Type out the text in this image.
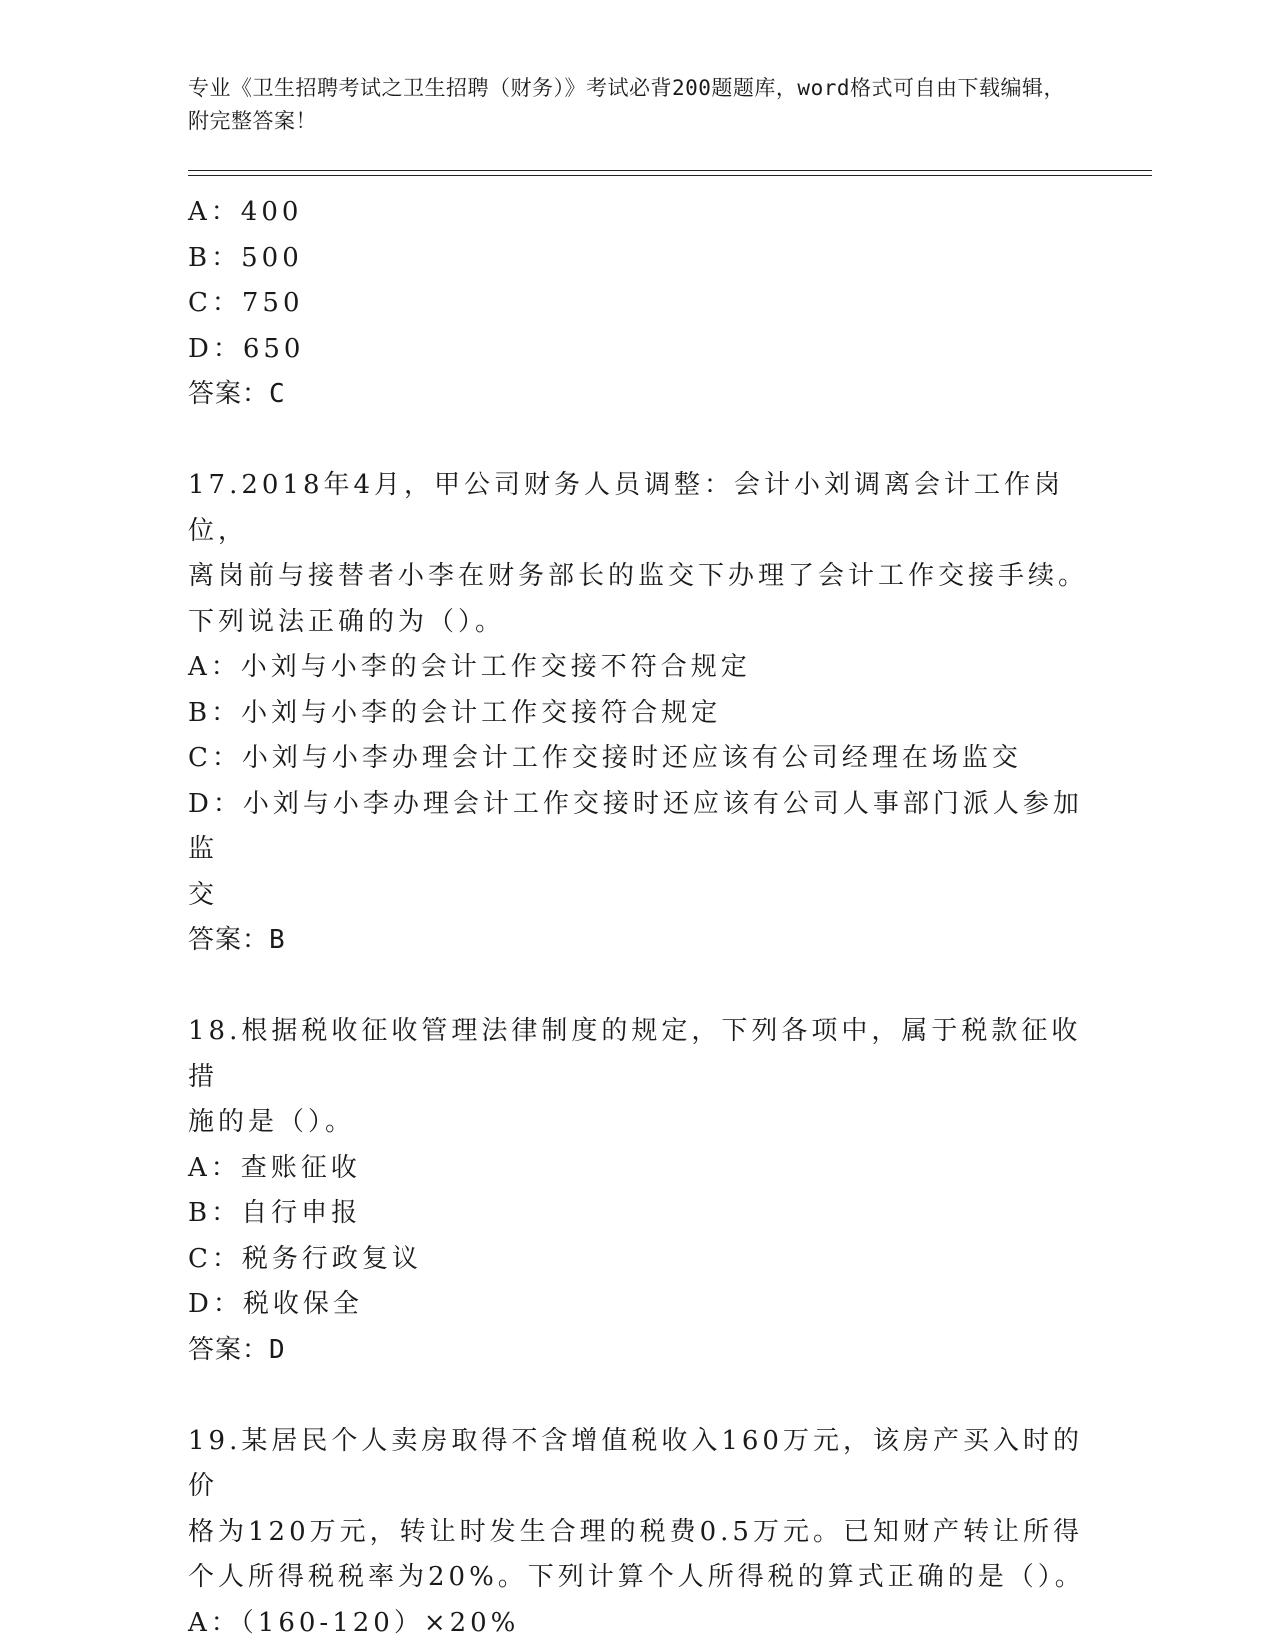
专业《卫生招聘考试之卫生招聘（财务）》考试必背200题题库，word格式可自由下载编辑，附完整答案！

A：400

B：500

C：750

D：650

答案：C

17.2018年4月，甲公司财务人员调整：会计小刘调离会计工作岗位，

离岗前与接替者小李在财务部长的监交下办理了会计工作交接手续。

下列说法正确的为（）。

A：小刘与小李的会计工作交接不符合规定

B：小刘与小李的会计工作交接符合规定

C：小刘与小李办理会计工作交接时还应该有公司经理在场监交

D：小刘与小李办理会计工作交接时还应该有公司人事部门派人参加监

交

答案：B

18.根据税收征收管理法律制度的规定，下列各项中，属于税款征收措

施的是（）。

A：查账征收

B：自行申报

C：税务行政复议

D：税收保全

答案：D

19.某居民个人卖房取得不含增值税收入160万元，该房产买入时的价

格为120万元，转让时发生合理的税费0.5万元。已知财产转让所得

个人所得税税率为20%。下列计算个人所得税的算式正确的是（）。

A：（160-120）×20%
